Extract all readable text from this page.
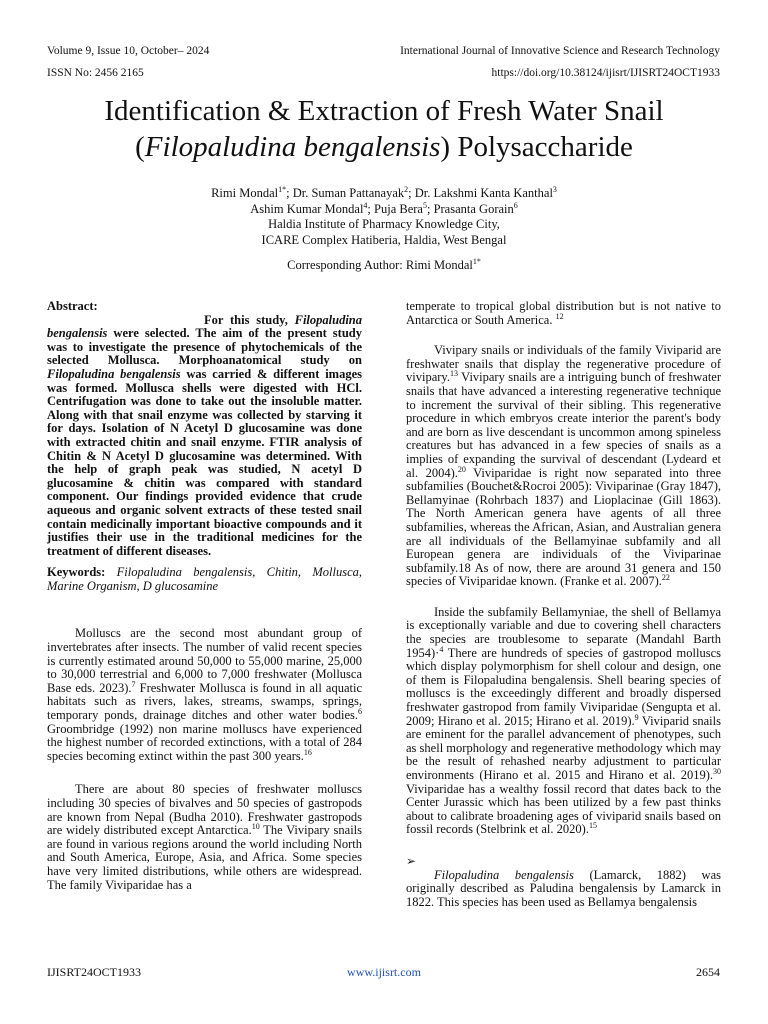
Volume 9, Issue 10, October– 2024	International Journal of Innovative Science and Research Technology
ISSN No: 2456 2165	https://doi.org/10.38124/ijisrt/IJISRT24OCT1933
Identification & Extraction of Fresh Water Snail
(Filopaludina bengalensis) Polysaccharide
Rimi Mondal$^{1*}$; Dr. Suman Pattanayak$^2$; Dr. Lakshmi Kanta Kanthal$^3$
Ashim Kumar Mondal$^4$; Puja Bera$^5$; Prasanta Gorain$^6$
Haldia Institute of Pharmacy Knowledge City,
ICARE Complex Hatiberia, Haldia, West Bengal
Corresponding Author: Rimi Mondal$^{1*}$

Abstract:

For this study, Filopaludina bengalensis were selected. The aim of the present study was to investigate the presence of phytochemicals of the selected Mollusca. Morphoanatomical study on Filopaludina bengalensis was carried & different images was formed. Mollusca shells were digested with HCl. Centrifugation was done to take out the insoluble matter. Along with that snail enzyme was collected by starving it for days. Isolation of N Acetyl D glucosamine was done with extracted chitin and snail enzyme. FTIR analysis of Chitin & N Acetyl D glucosamine was determined. With the help of graph peak was studied, N acetyl D glucosamine & chitin was compared with standard component. Our findings provided evidence that crude aqueous and organic solvent extracts of these tested snail contain medicinally important bioactive compounds and it justifies their use in the traditional medicines for the treatment of different diseases.

Keywords: Filopaludina bengalensis, Chitin, Mollusca, Marine Organism, D glucosamine

Molluscs are the second most abundant group of invertebrates after insects. The number of valid recent species is currently estimated around 50,000 to 55,000 marine, 25,000 to 30,000 terrestrial and 6,000 to 7,000 freshwater (Mollusca Base eds. 2023).$^7$ Freshwater Mollusca is found in all aquatic habitats such as rivers, lakes, streams, swamps, springs, temporary ponds, drainage ditches and other water bodies.$^6$ Groombridge (1992) non marine molluscs have experienced the highest number of recorded extinctions, with a total of 284 species becoming extinct within the past 300 years.$^{16}$

There are about 80 species of freshwater molluscs including 30 species of bivalves and 50 species of gastropods are known from Nepal (Budha 2010). Freshwater gastropods are widely distributed except Antarctica.$^{10}$ The Vivipary snails are found in various regions around the world including North and South America, Europe, Asia, and Africa. Some species have very limited distributions, while others are widespread. The family Viviparidae has a

temperate to tropical global distribution but is not native to Antarctica or South America. $^{12}$

Vivipary snails or individuals of the family Viviparid are freshwater snails that display the regenerative procedure of vivipary.$^{13}$ Vivipary snails are a intriguing bunch of freshwater snails that have advanced a interesting regenerative technique to increment the survival of their sibling. This regenerative procedure in which embryos create interior the parent's body and are born as live descendant is uncommon among spineless creatures but has advanced in a few species of snails as a implies of expanding the survival of descendant (Lydeard et al. 2004).$^{20}$ Viviparidae is right now separated into three subfamilies (Bouchet&Rocroi 2005): Viviparinae (Gray 1847), Bellamyinae (Rohrbach 1837) and Lioplacinae (Gill 1863). The North American genera have agents of all three subfamilies, whereas the African, Asian, and Australian genera are all individuals of the Bellamyinae subfamily and all European genera are individuals of the Viviparinae subfamily.18 As of now, there are around 31 genera and 150 species of Viviparidae known. (Franke et al. 2007).$^{22}$

Inside the subfamily Bellamyniae, the shell of Bellamya is exceptionally variable and due to covering shell characters the species are troublesome to separate (Mandahl Barth 1954)·$^4$ There are hundreds of species of gastropod molluscs which display polymorphism for shell colour and design, one of them is Filopaludina bengalensis. Shell bearing species of molluscs is the exceedingly different and broadly dispersed freshwater gastropod from family Viviparidae (Sengupta et al. 2009; Hirano et al. 2015; Hirano et al. 2019).$^9$ Viviparid snails are eminent for the parallel advancement of phenotypes, such as shell morphology and regenerative methodology which may be the result of rehashed nearby adjustment to particular environments (Hirano et al. 2015 and Hirano et al. 2019).$^{30}$ Viviparidae has a wealthy fossil record that dates back to the Center Jurassic which has been utilized by a few past thinks about to calibrate broadening ages of viviparid snails based on fossil records (Stelbrink et al. 2020).$^{15}$

➢

Filopaludina bengalensis (Lamarck, 1882) was originally described as Paludina bengalensis by Lamarck in 1822. This species has been used as Bellamya bengalensis

IJISRT24OCT1933	www.ijisrt.com	2654
